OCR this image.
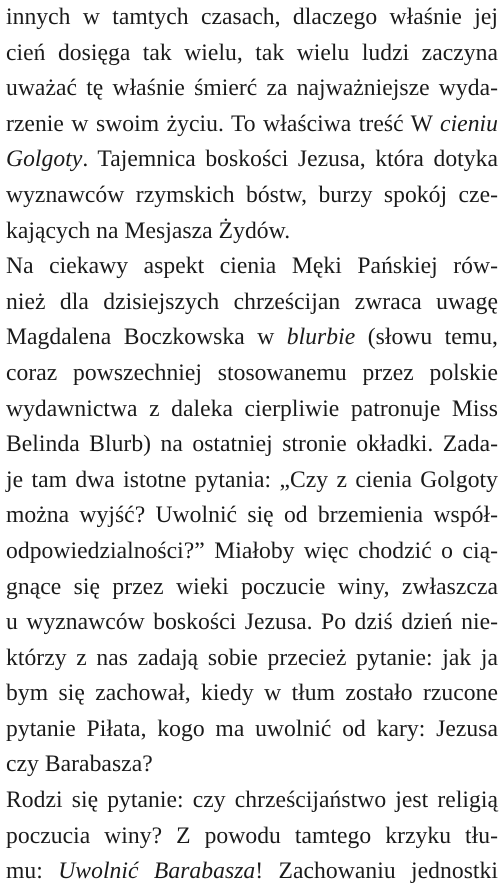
innych w tamtych czasach, dlaczego właśnie jej
cień dosięga tak wielu, tak wielu ludzi zaczyna
uważać tę właśnie śmierć za najważniejsze wyda-
rzenie w swoim życiu. To właściwa treść W cieniu
Golgoty. Tajemnica boskości Jezusa, która dotyka
wyznawców rzymskich bóstw, burzy spokój cze-
kających na Mesjasza Żydów.
Na ciekawy aspekt cienia Męki Pańskiej rów-
nież dla dzisiejszych chrześcijan zwraca uwagę
Magdalena Boczkowska w blurbie (słowu temu,
coraz powszechniej stosowanemu przez polskie
wydawnictwa z daleka cierpliwie patronuje Miss
Belinda Blurb) na ostatniej stronie okładki. Zada-
je tam dwa istotne pytania: „Czy z cienia Golgoty
można wyjść? Uwolnić się od brzemienia współ-
odpowiedzialności?” Miałoby więc chodzić o cią-
gnące się przez wieki poczucie winy, zwłaszcza
u wyznawców boskości Jezusa. Po dziś dzień nie-
którzy z nas zadają sobie przecież pytanie: jak ja
bym się zachował, kiedy w tłum zostało rzucone
pytanie Piłata, kogo ma uwolnić od kary: Jezusa
czy Barabasza?
Rodzi się pytanie: czy chrześcijaństwo jest religią
poczucia winy? Z powodu tamtego krzyku tłu-
mu: Uwolnić Barabasza! Zachowaniu jednostki
